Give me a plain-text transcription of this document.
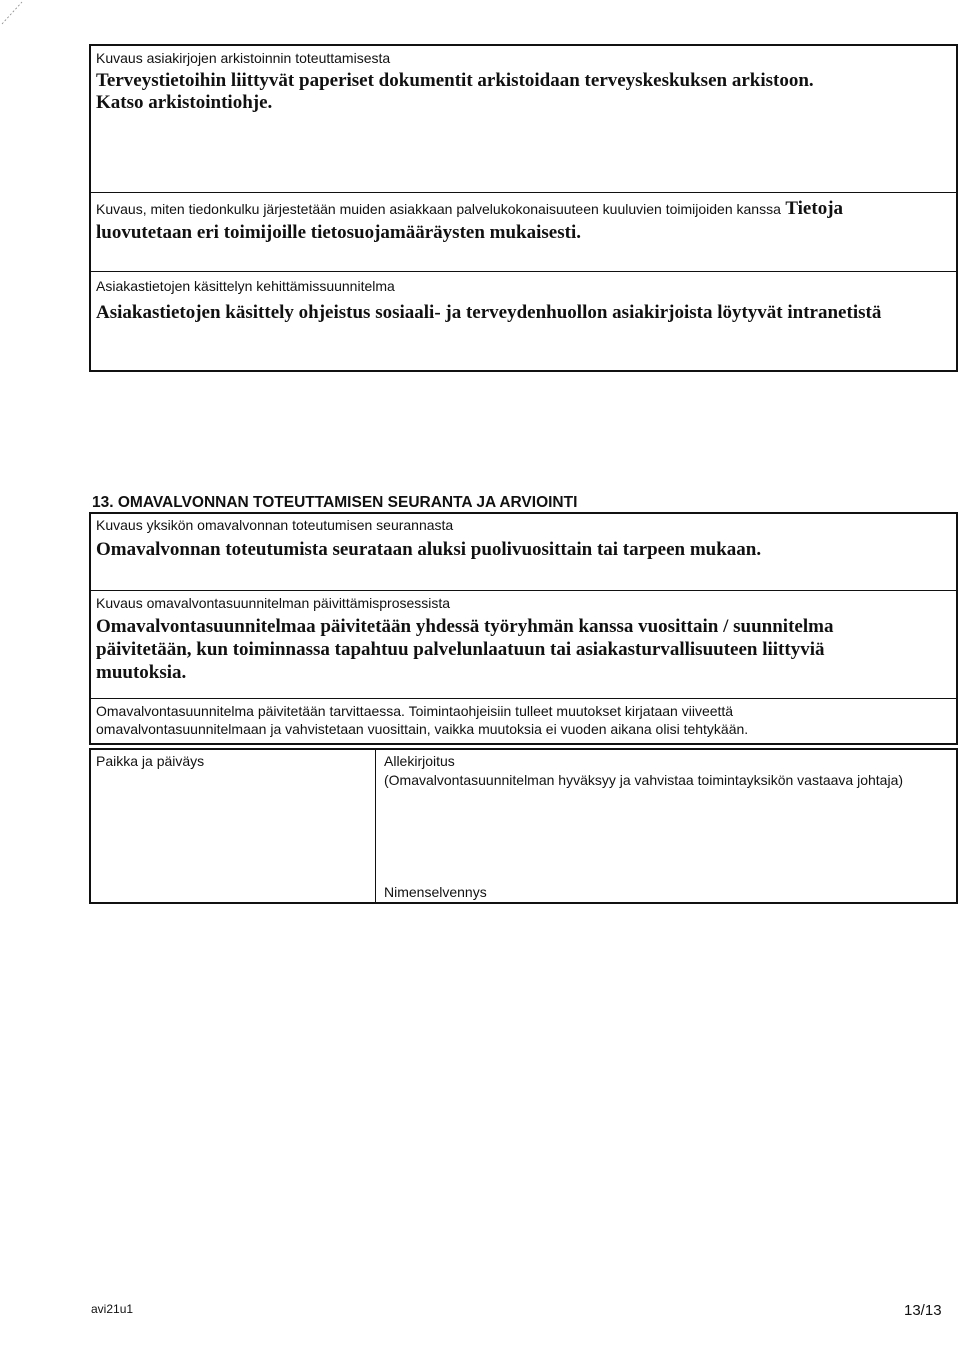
Kuvaus asiakirjojen arkistoinnin toteuttamisesta
Terveystietoihin liittyvät paperiset dokumentit arkistoidaan terveyskeskuksen arkistoon.
Katso arkistointiohje.
Kuvaus, miten tiedonkulku järjestetään muiden asiakkaan palvelukokonaisuuteen kuuluvien toimijoiden kanssa Tietoja
luovutetaan eri toimijoille tietosuojamääräysten mukaisesti.
Asiakastietojen käsittelyn kehittämissuunnitelma
Asiakastietojen käsittely ohjeistus sosiaali- ja terveydenhuollon asiakirjoista löytyvät intranetistä
13. OMAVALVONNAN TOTEUTTAMISEN SEURANTA JA ARVIOINTI
Kuvaus yksikön omavalvonnan toteutumisen seurannasta
Omavalvonnan toteutumista seurataan aluksi puolivuosittain tai tarpeen mukaan.
Kuvaus omavalvontasuunnitelman päivittämisprosessista
Omavalvontasuunnitelmaa päivitetään yhdessä työryhmän kanssa vuosittain / suunnitelma
päivitetään, kun toiminnassa tapahtuu palvelunlaatuun tai asiakasturvallisuuteen liittyviä
muutoksia.
Omavalvontasuunnitelma päivitetään tarvittaessa. Toimintaohjeisiin tulleet muutokset kirjataan viiveettä
omavalvontasuunnitelmaan ja vahvistetaan vuosittain, vaikka muutoksia ei vuoden aikana olisi tehtykään.
Paikka ja päiväys	Allekirjoitus
(Omavalvontasuunnitelman hyväksyy ja vahvistaa toimintayksikön vastaava johtaja)
Nimenselvennys
avi21u1	13/13
